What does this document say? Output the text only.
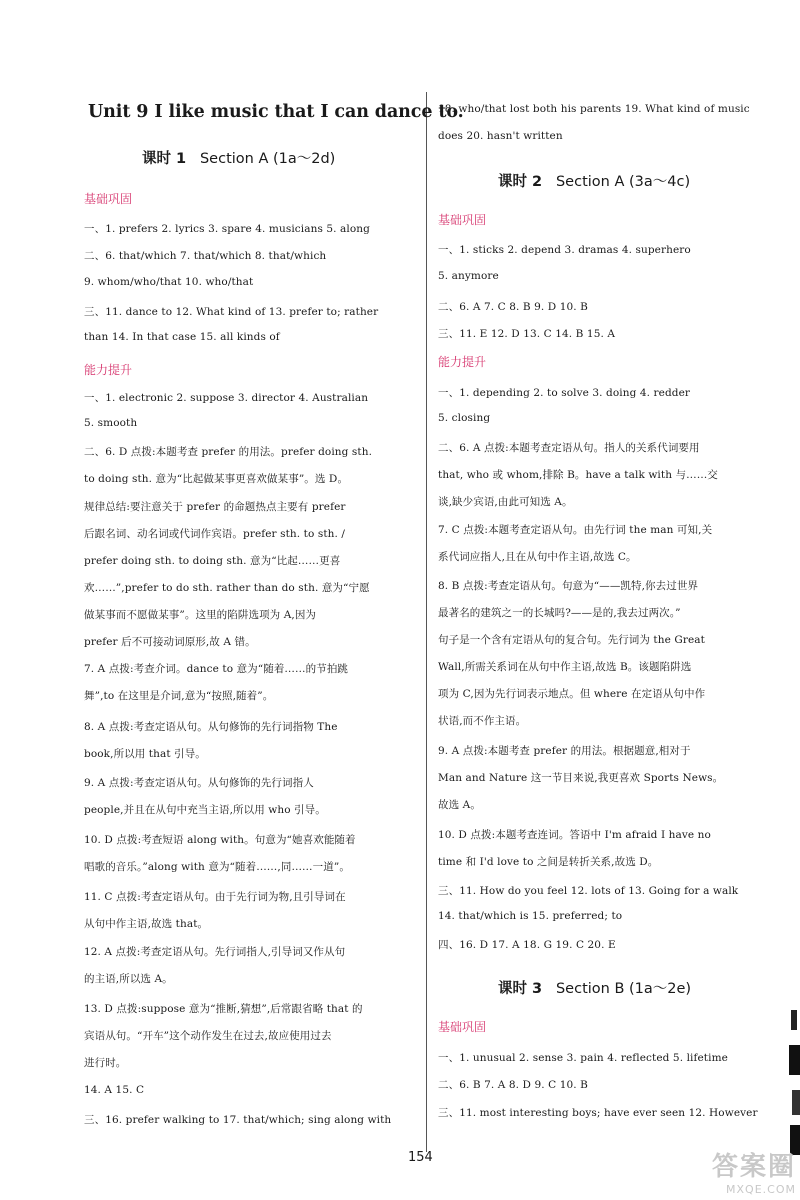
Unit 9 I like music that I can dance to.
课时 1 Section A (1a～2d)
基础巩固
一、1. prefers 2. lyrics 3. spare 4. musicians 5. along
二、6. that/which 7. that/which 8. that/which
9. whom/who/that 10. who/that
三、11. dance to 12. What kind of 13. prefer to; rather
than 14. In that case 15. all kinds of
能力提升
一、1. electronic 2. suppose 3. director 4. Australian
5. smooth
二、6. D 点拨:本题考查 prefer 的用法。prefer doing sth.
to doing sth. 意为“比起做某事更喜欢做某事”。选 D。
规律总结:要注意关于 prefer 的命题热点主要有 prefer
后跟名词、动名词或代词作宾语。prefer sth. to sth. /
prefer doing sth. to doing sth. 意为“比起……更喜
欢……”,prefer to do sth. rather than do sth. 意为“宁愿
做某事而不愿做某事”。这里的陷阱选项为 A,因为
prefer 后不可接动词原形,故 A 错。
7. A 点拨:考查介词。dance to 意为“随着……的节拍跳
舞”,to 在这里是介词,意为“按照,随着”。
8. A 点拨:考查定语从句。从句修饰的先行词指物 The
book,所以用 that 引导。
9. A 点拨:考查定语从句。从句修饰的先行词指人
people,并且在从句中充当主语,所以用 who 引导。
10. D 点拨:考查短语 along with。句意为“她喜欢能随着
唱歌的音乐。”along with 意为“随着……,同……一道”。
11. C 点拨:考查定语从句。由于先行词为物,且引导词在
从句中作主语,故选 that。
12. A 点拨:考查定语从句。先行词指人,引导词又作从句
的主语,所以选 A。
13. D 点拨:suppose 意为“推断,猜想”,后常跟省略 that 的
宾语从句。“开车”这个动作发生在过去,故应使用过去
进行时。
14. A 15. C
三、16. prefer walking to 17. that/which; sing along with
18. who/that lost both his parents 19. What kind of music
does 20. hasn't written
课时 2 Section A (3a～4c)
基础巩固
一、1. sticks 2. depend 3. dramas 4. superhero
5. anymore
二、6. A 7. C 8. B 9. D 10. B
三、11. E 12. D 13. C 14. B 15. A
能力提升
一、1. depending 2. to solve 3. doing 4. redder
5. closing
二、6. A 点拨:本题考查定语从句。指人的关系代词要用
that, who 或 whom,排除 B。have a talk with 与……交
谈,缺少宾语,由此可知选 A。
7. C 点拨:本题考查定语从句。由先行词 the man 可知,关
系代词应指人,且在从句中作主语,故选 C。
8. B 点拨:考查定语从句。句意为“——凯特,你去过世界
最著名的建筑之一的长城吗?——是的,我去过两次。”
句子是一个含有定语从句的复合句。先行词为 the Great
Wall,所需关系词在从句中作主语,故选 B。该题陷阱选
项为 C,因为先行词表示地点。但 where 在定语从句中作
状语,而不作主语。
9. A 点拨:本题考查 prefer 的用法。根据题意,相对于
Man and Nature 这一节目来说,我更喜欢 Sports News。
故选 A。
10. D 点拨:本题考查连词。答语中 I'm afraid I have no
time 和 I'd love to 之间是转折关系,故选 D。
三、11. How do you feel 12. lots of 13. Going for a walk
14. that/which is 15. preferred; to
四、16. D 17. A 18. G 19. C 20. E
课时 3 Section B (1a～2e)
基础巩固
一、1. unusual 2. sense 3. pain 4. reflected 5. lifetime
二、6. B 7. A 8. D 9. C 10. B
三、11. most interesting boys; have ever seen 12. However
154	答案圈
MXQE.COM
